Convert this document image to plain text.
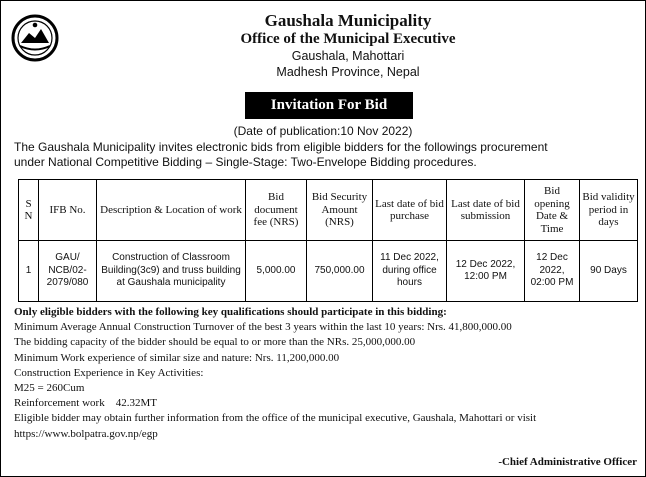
Gaushala Municipality
Office of the Municipal Executive
Gaushala, Mahottari
Madhesh Province, Nepal
Invitation For Bid
(Date of publication:10 Nov 2022)
The Gaushala Municipality invites electronic bids from eligible bidders for the followings procurement
under National Competitive Bidding – Single-Stage: Two-Envelope Bidding procedures.
S N	IFB No.	Description & Location of work	Bid document fee (NRS)	Bid Security Amount (NRS)	Last date of bid purchase	Last date of bid submission	Bid opening Date & Time	Bid validity period in days
1	GAU/ NCB/02-2079/080	Construction of Classroom Building(3c9) and truss building at Gaushala municipality	5,000.00	750,000.00	11 Dec 2022, during office hours	12 Dec 2022, 12:00 PM	12 Dec 2022, 02:00 PM	90 Days
Only eligible bidders with the following key qualifications should participate in this bidding:
Minimum Average Annual Construction Turnover of the best 3 years within the last 10 years: Nrs. 41,800,000.00
The bidding capacity of the bidder should be equal to or more than the NRs. 25,000,000.00
Minimum Work experience of similar size and nature: Nrs. 11,200,000.00
Construction Experience in Key Activities:
M25 = 260Cum
Reinforcement work    42.32MT
Eligible bidder may obtain further information from the office of the municipal executive, Gaushala, Mahottari or visit https://www.bolpatra.gov.np/egp
-Chief Administrative Officer
